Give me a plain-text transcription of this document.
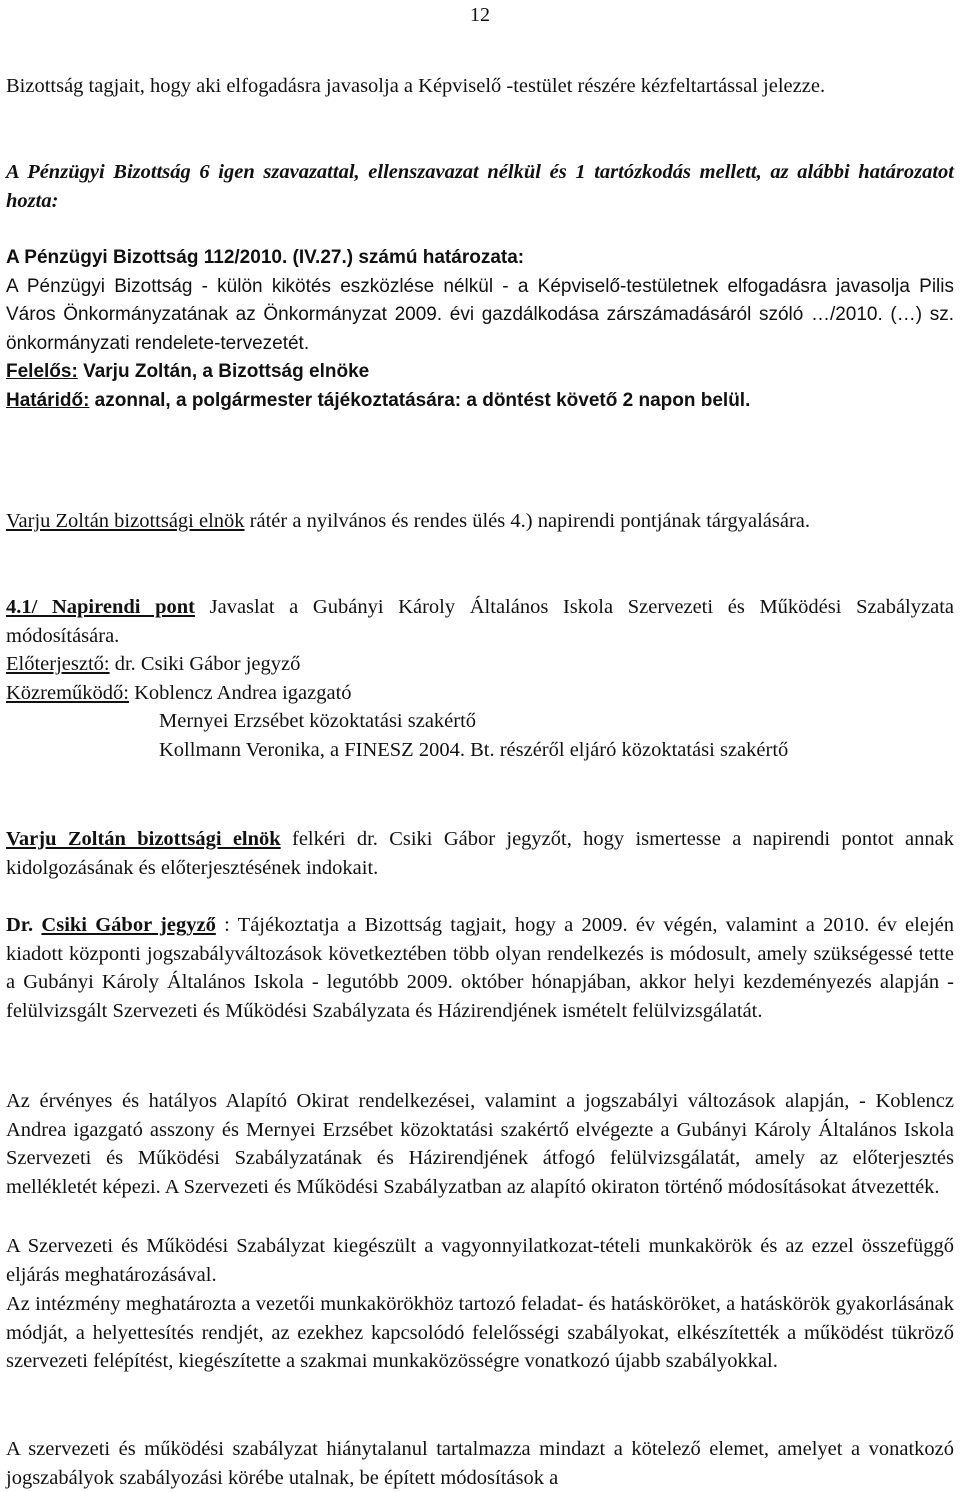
12
Bizottság tagjait, hogy aki elfogadásra javasolja a Képviselő -testület részére kézfeltartással jelezze.
A Pénzügyi Bizottság 6 igen szavazattal, ellenszavazat nélkül és 1 tartózkodás mellett, az alábbi határozatot hozta:
A Pénzügyi Bizottság 112/2010. (IV.27.) számú határozata:
A Pénzügyi Bizottság - külön kikötés eszközlése nélkül - a Képviselő-testületnek elfogadásra javasolja Pilis Város Önkormányzatának az Önkormányzat 2009. évi gazdálkodása zárszámadásáról szóló …/2010. (…) sz. önkormányzati rendelete-tervezetét.
Felelős: Varju Zoltán, a Bizottság elnöke
Határidő: azonnal, a polgármester tájékoztatására: a döntést követő 2 napon belül.
Varju Zoltán bizottsági elnök rátér a nyilvános és rendes ülés 4.) napirendi pontjának tárgyalására.
4.1/ Napirendi pont Javaslat a Gubányi Károly Általános Iskola Szervezeti és Működési Szabályzata módosítására.
Előterjesztő: dr. Csiki Gábor jegyző
Közreműködő: Koblencz Andrea igazgató
Mernyei Erzsébet közoktatási szakértő
Kollmann Veronika, a FINESZ 2004. Bt. részéről eljáró közoktatási szakértő
Varju Zoltán bizottsági elnök felkéri dr. Csiki Gábor jegyzőt, hogy ismertesse a napirendi pontot annak kidolgozásának és előterjesztésének indokait.
Dr. Csiki Gábor jegyző : Tájékoztatja a Bizottság tagjait, hogy a 2009. év végén, valamint a 2010. év elején kiadott központi jogszabályváltozások következtében több olyan rendelkezés is módosult, amely szükségessé tette a Gubányi Károly Általános Iskola - legutóbb 2009. október hónapjában, akkor helyi kezdeményezés alapján - felülvizsgált Szervezeti és Működési Szabályzata és Házirendjének ismételt felülvizsgálatát.
Az érvényes és hatályos Alapító Okirat rendelkezései, valamint a jogszabályi változások alapján, - Koblencz Andrea igazgató asszony és Mernyei Erzsébet közoktatási szakértő elvégezte a Gubányi Károly Általános Iskola Szervezeti és Működési Szabályzatának és Házirendjének átfogó felülvizsgálatát, amely az előterjesztés mellékletét képezi. A Szervezeti és Működési Szabályzatban az alapító okiraton történő módosításokat átvezették.
A Szervezeti és Működési Szabályzat kiegészült a vagyonnyilatkozat-tételi munkakörök és az ezzel összefüggő eljárás meghatározásával.
Az intézmény meghatározta a vezetői munkakörökhöz tartozó feladat- és hatásköröket, a hatáskörök gyakorlásának módját, a helyettesítés rendjét, az ezekhez kapcsolódó felelősségi szabályokat, elkészítették a működést tükröző szervezeti felépítést, kiegészítette a szakmai munkaközösségre vonatkozó újabb szabályokkal.
A szervezeti és működési szabályzat hiánytalanul tartalmazza mindazt a kötelező elemet, amelyet a vonatkozó jogszabályok szabályozási körébe utalnak, be épített módosítások a
